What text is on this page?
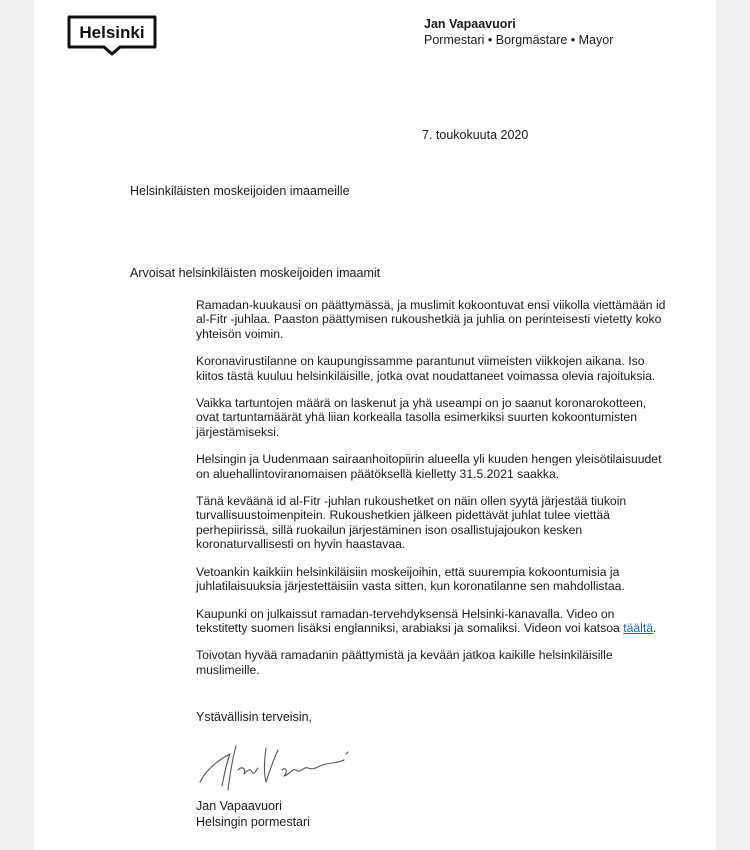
Helsinki	Jan Vapaavuori
Pormestari • Borgmästare • Mayor
7. toukokuuta 2020
Helsinkiläisten moskeijoiden imaameille
Arvoisat helsinkiläisten moskeijoiden imaamit

Ramadan-kuukausi on päättymässä, ja muslimit kokoontuvat ensi viikolla viettämään id al-Fitr -juhlaa. Paaston päättymisen rukoushetkiä ja juhlia on perinteisesti vietetty koko yhteisön voimin.

Koronavirustilanne on kaupungissamme parantunut viimeisten viikkojen aikana. Iso kiitos tästä kuuluu helsinkiläisille, jotka ovat noudattaneet voimassa olevia rajoituksia.

Vaikka tartuntojen määrä on laskenut ja yhä useampi on jo saanut koronarokotteen, ovat tartuntamäärät yhä liian korkealla tasolla esimerkiksi suurten kokoontumisten järjestämiseksi.

Helsingin ja Uudenmaan sairaanhoitopiirin alueella yli kuuden hengen yleisötilaisuudet on aluehallintoviranomaisen päätöksellä kielletty 31.5.2021 saakka.

Tänä keväänä id al-Fitr -juhlan rukoushetket on näin ollen syytä järjestää tiukoin turvallisuustoimenpitein. Rukoushetkien jälkeen pidettävät juhlat tulee viettää perhepiirissä, sillä ruokailun järjestäminen ison osallistujajoukon kesken koronaturvallisesti on hyvin haastavaa.

Vetoankin kaikkiin helsinkiläisiin moskeijoihin, että suurempia kokoontumisia ja juhlatilaisuuksia järjestettäisiin vasta sitten, kun koronatilanne sen mahdollistaa.

Kaupunki on julkaissut ramadan-tervehdyksensä Helsinki-kanavalla. Video on tekstitetty suomen lisäksi englanniksi, arabiaksi ja somaliksi. Videon voi katsoa täältä.

Toivotan hyvää ramadanin päättymistä ja kevään jatkoa kaikille helsinkiläisille muslimeille.

Ystävällisin terveisin,
Jan Vapaavuori
Helsingin pormestari
